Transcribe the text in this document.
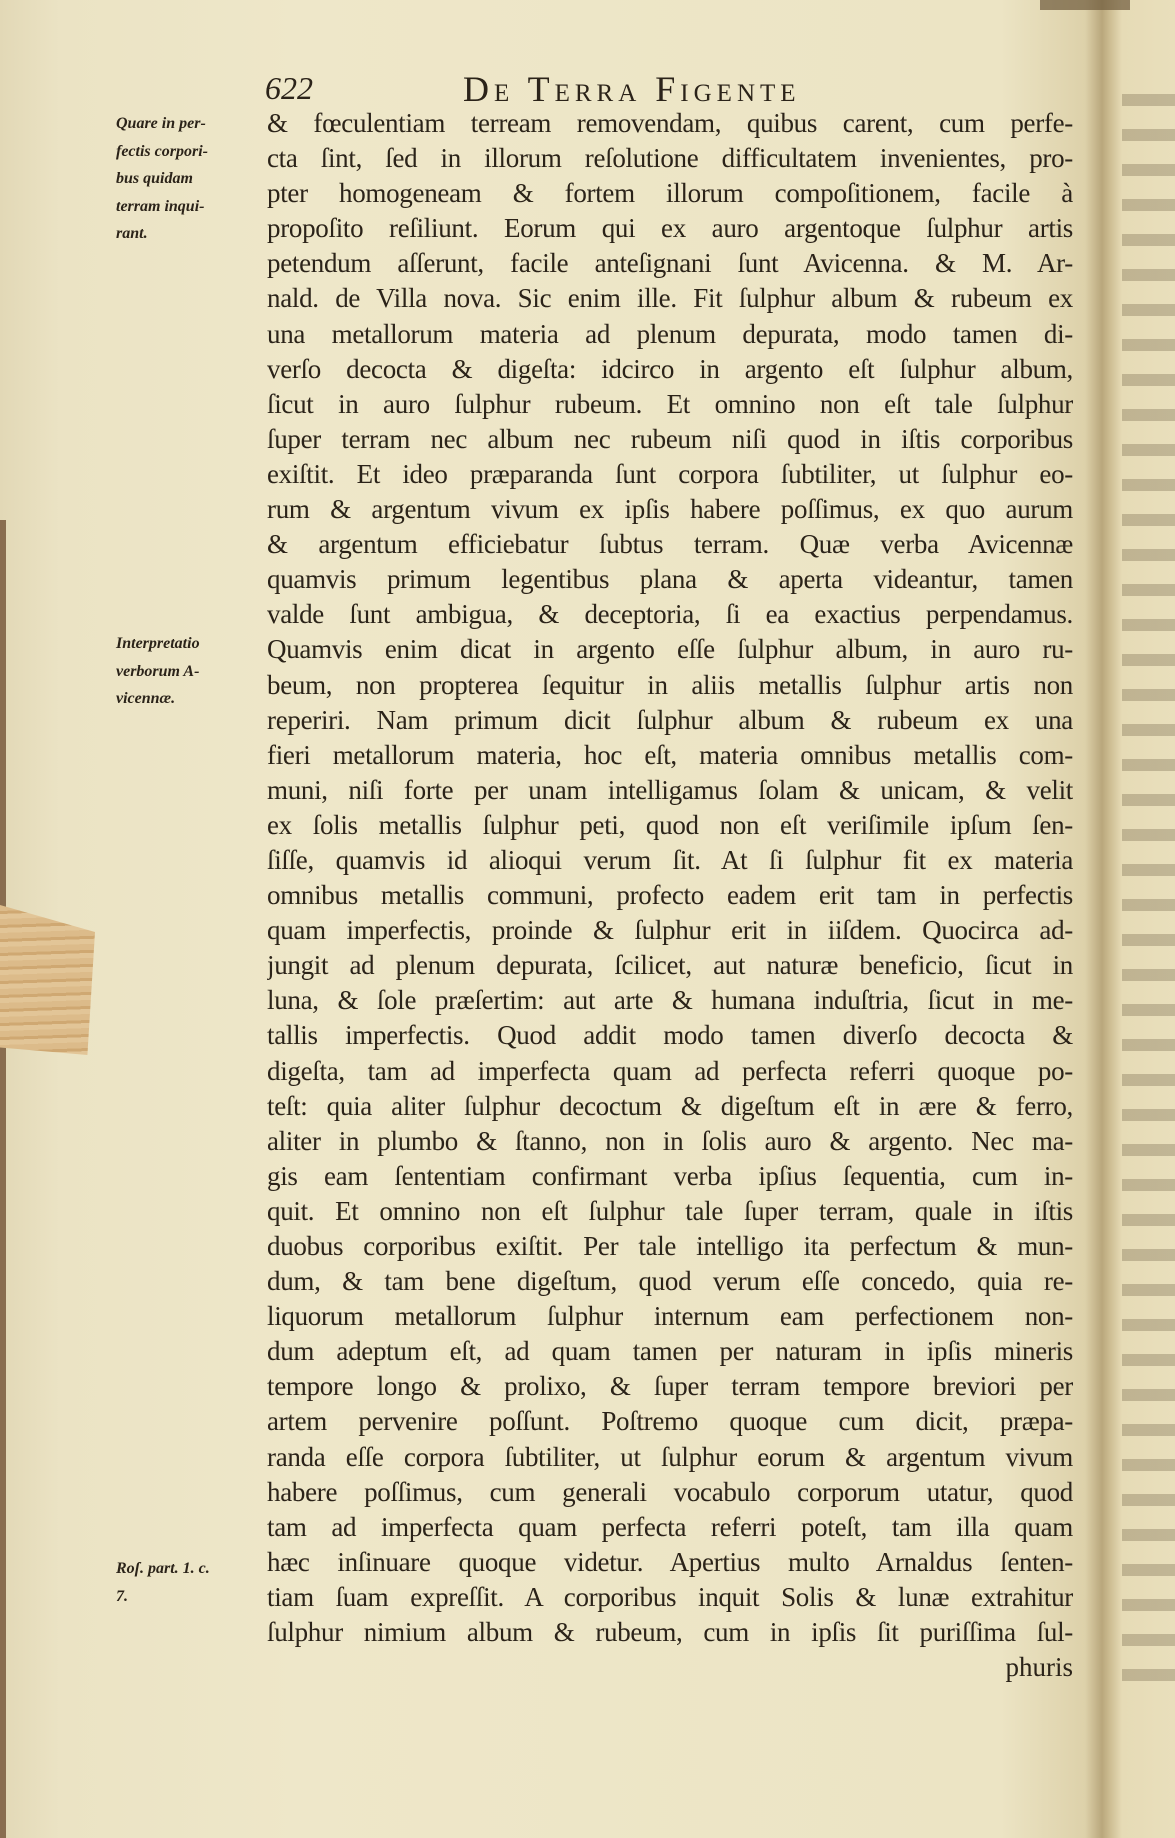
622	De Terra Figente
& fœculentiam terream removendam, quibus carent, cum perfe-
cta ſint, ſed in illorum reſolutione difficultatem invenientes, pro-
pter homogeneam & fortem illorum compoſitionem, facile à
propoſito reſiliunt. Eorum qui ex auro argentoque ſulphur artis
petendum aſſerunt, facile anteſignani ſunt Avicenna. & M. Ar-
nald. de Villa nova. Sic enim ille. Fit ſulphur album & rubeum ex
una metallorum materia ad plenum depurata, modo tamen di-
verſo decocta & digeſta: idcirco in argento eſt ſulphur album,
ſicut in auro ſulphur rubeum. Et omnino non eſt tale ſulphur
ſuper terram nec album nec rubeum niſi quod in iſtis corporibus
exiſtit. Et ideo præparanda ſunt corpora ſubtiliter, ut ſulphur eo-
rum & argentum vivum ex ipſis habere poſſimus, ex quo aurum
& argentum efficiebatur ſubtus terram. Quæ verba Avicennæ
quamvis primum legentibus plana & aperta videantur, tamen
valde ſunt ambigua, & deceptoria, ſi ea exactius perpendamus.
Quamvis enim dicat in argento eſſe ſulphur album, in auro ru-
beum, non propterea ſequitur in aliis metallis ſulphur artis non
reperiri. Nam primum dicit ſulphur album & rubeum ex una
fieri metallorum materia, hoc eſt, materia omnibus metallis com-
muni, niſi forte per unam intelligamus ſolam & unicam, & velit
ex ſolis metallis ſulphur peti, quod non eſt veriſimile ipſum ſen-
ſiſſe, quamvis id alioqui verum ſit. At ſi ſulphur fit ex materia
omnibus metallis communi, profecto eadem erit tam in perfectis
quam imperfectis, proinde & ſulphur erit in iiſdem. Quocirca ad-
jungit ad plenum depurata, ſcilicet, aut naturæ beneficio, ſicut in
luna, & ſole præſertim: aut arte & humana induſtria, ſicut in me-
tallis imperfectis. Quod addit modo tamen diverſo decocta &
digeſta, tam ad imperfecta quam ad perfecta referri quoque po-
teſt: quia aliter ſulphur decoctum & digeſtum eſt in ære & ferro,
aliter in plumbo & ſtanno, non in ſolis auro & argento. Nec ma-
gis eam ſententiam confirmant verba ipſius ſequentia, cum in-
quit. Et omnino non eſt ſulphur tale ſuper terram, quale in iſtis
duobus corporibus exiſtit. Per tale intelligo ita perfectum & mun-
dum, & tam bene digeſtum, quod verum eſſe concedo, quia re-
liquorum metallorum ſulphur internum eam perfectionem non-
dum adeptum eſt, ad quam tamen per naturam in ipſis mineris
tempore longo & prolixo, & ſuper terram tempore breviori per
artem pervenire poſſunt. Poſtremo quoque cum dicit, præpa-
randa eſſe corpora ſubtiliter, ut ſulphur eorum & argentum vivum
habere poſſimus, cum generali vocabulo corporum utatur, quod
tam ad imperfecta quam perfecta referri poteſt, tam illa quam
hæc inſinuare quoque videtur. Apertius multo Arnaldus ſenten-
tiam ſuam expreſſit. A corporibus inquit Solis & lunæ extrahitur
ſulphur nimium album & rubeum, cum in ipſis ſit puriſſima ſul-
phuris
Quare in per-
fectis corpori-
bus quidam
terram inqui-
rant.
Interpretatio
verborum A-
vicennæ.
Roſ. part. 1. c.
7.
